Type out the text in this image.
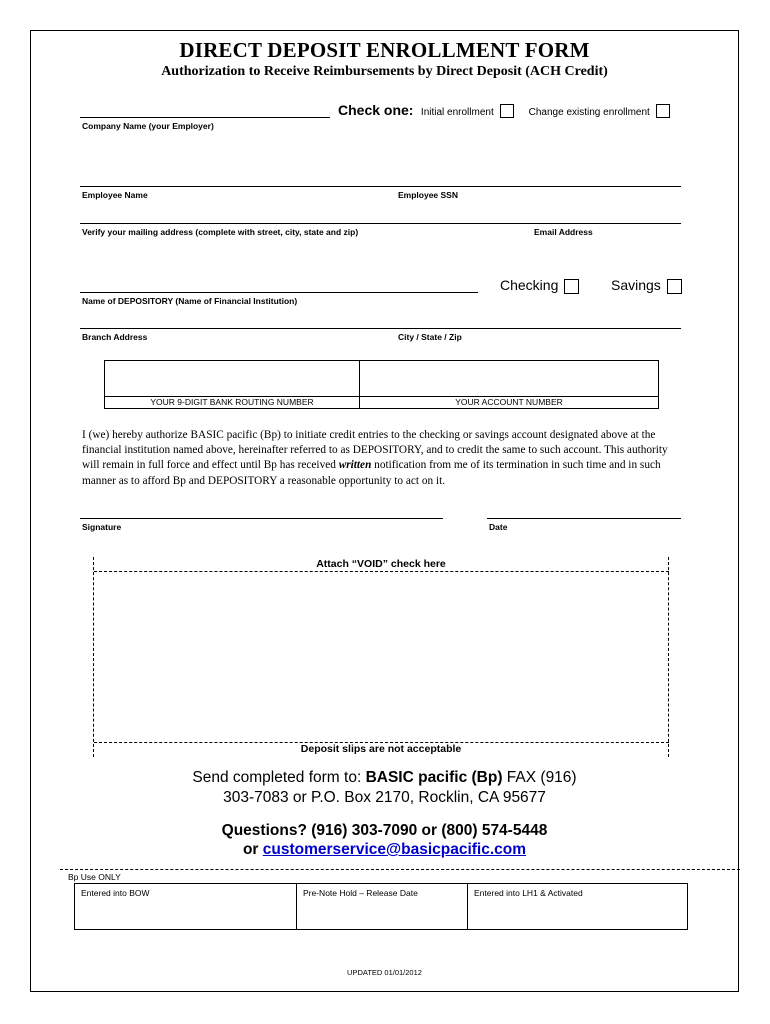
DIRECT DEPOSIT ENROLLMENT FORM
Authorization to Receive Reimbursements by Direct Deposit (ACH Credit)
Company Name (your Employer)
Check one: Initial enrollment	Change existing enrollment
Employee Name	Employee SSN
Verify your mailing address (complete with street, city, state and zip)	Email Address
Name of DEPOSITORY (Name of Financial Institution)
Checking	Savings
Branch Address	City / State / Zip
YOUR 9-DIGIT BANK ROUTING NUMBER	YOUR ACCOUNT NUMBER
I (we) hereby authorize BASIC pacific (Bp) to initiate credit entries to the checking or savings account designated above at the financial institution named above, hereinafter referred to as DEPOSITORY, and to credit the same to such account. This authority will remain in full force and effect until Bp has received written notification from me of its termination in such time and in such manner as to afford Bp and DEPOSITORY a reasonable opportunity to act on it.
Signature	Date
Attach “VOID” check here
Deposit slips are not acceptable
Send completed form to: BASIC pacific (Bp) FAX (916)
303-7083 or P.O. Box 2170, Rocklin, CA 95677
Questions? (916) 303-7090 or (800) 574-5448
or customerservice@basicpacific.com
Bp Use ONLY
Entered into BOW	Pre-Note Hold – Release Date	Entered into LH1 & Activated
UPDATED 01/01/2012
